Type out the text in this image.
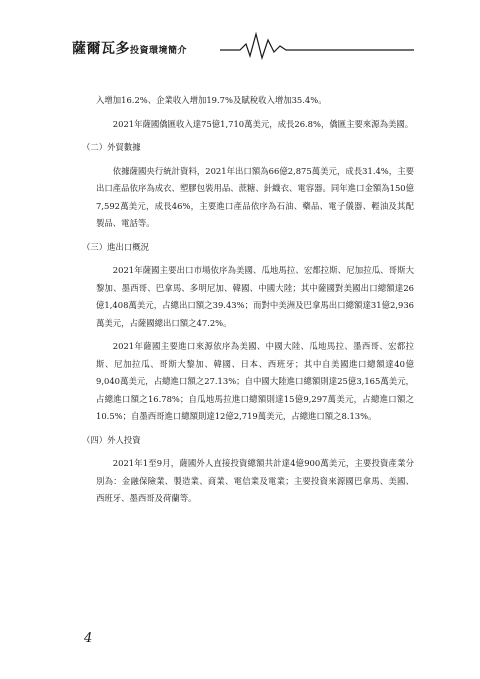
薩爾瓦多投資環境簡介

入增加16.2%、企業收入增加19.7%及賦稅收入增加35.4%。

2021年薩國僑匯收入達75億1,710萬美元，成長26.8%，僑匯主要來源為美國。

（二）外貿數據

依據薩國央行統計資料，2021年出口額為66億2,875萬美元，成長31.4%，主要出口產品依序為成衣、塑膠包裝用品、蔗糖、針織衣、電容器。同年進口金額為150億7,592萬美元，成長46%，主要進口產品依序為石油、藥品、電子儀器、輕油及其配製品、電話等。

（三）進出口概況

2021年薩國主要出口市場依序為美國、瓜地馬拉、宏都拉斯、尼加拉瓜、哥斯大黎加、墨西哥、巴拿馬、多明尼加、韓國、中國大陸；其中薩國對美國出口總額達26億1,408萬美元，占總出口額之39.43%；而對中美洲及巴拿馬出口總額達31億2,936萬美元，占薩國總出口額之47.2%。

2021年薩國主要進口來源依序為美國、中國大陸、瓜地馬拉、墨西哥、宏都拉斯、尼加拉瓜、哥斯大黎加、韓國、日本、西班牙；其中自美國進口總額達40億9,040萬美元，占總進口額之27.13%；自中國大陸進口總額則達25億3,165萬美元，占總進口額之16.78%；自瓜地馬拉進口總額則達15億9,297萬美元，占總進口額之10.5%；自墨西哥進口總額則達12億2,719萬美元，占總進口額之8.13%。

（四）外人投資

2021年1至9月，薩國外人直接投資總額共計達4億900萬美元，主要投資產業分別為：金融保險業、製造業、商業、電信業及電業；主要投資來源國巴拿馬、美國、西班牙、墨西哥及荷蘭等。

4
